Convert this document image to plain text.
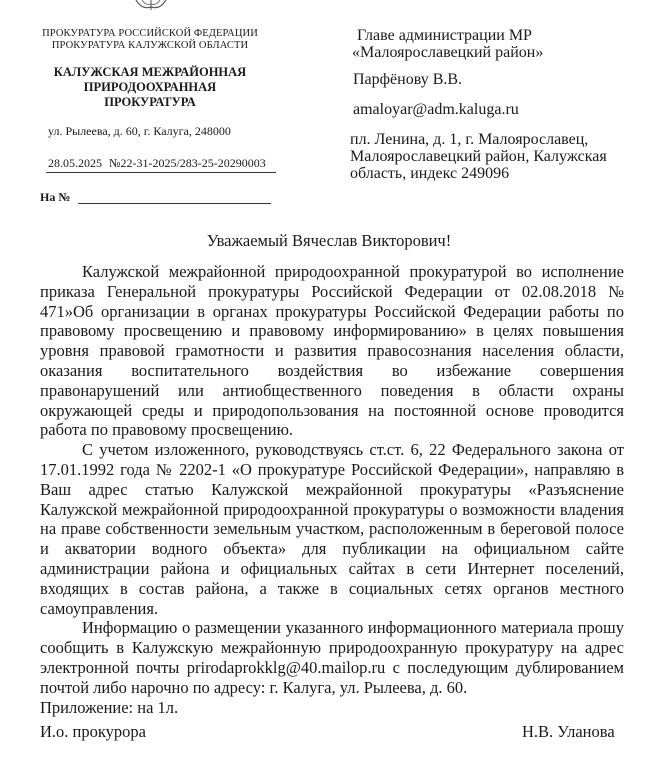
ПРОКУРАТУРА РОССИЙСКОЙ ФЕДЕРАЦИИ
ПРОКУРАТУРА КАЛУЖСКОЙ ОБЛАСТИ
КАЛУЖСКАЯ МЕЖРАЙОННАЯ
ПРИРОДООХРАННАЯ
ПРОКУРАТУРА
ул. Рылеева, д. 60, г. Калуга, 248000
28.05.2025 №22-31-2025/283-25-20290003
На №
Главе администрации МР
«Малоярославецкий район»
Парфёнову В.В.
amaloyar@adm.kaluga.ru
пл. Ленина, д. 1, г. Малоярославец,
Малоярославецкий район, Калужская
область, индекс 249096
Уважаемый Вячеслав Викторович!

Калужской межрайонной природоохранной прокуратурой во исполнение приказа Генеральной прокуратуры Российской Федерации от 02.08.2018 № 471»Об организации в органах прокуратуры Российской Федерации работы по правовому просвещению и правовому информированию» в целях повышения уровня правовой грамотности и развития правосознания населения области, оказания воспитательного воздействия во избежание совершения правонарушений или антиобщественного поведения в области охраны окружающей среды и природопользования на постоянной основе проводится работа по правовому просвещению.

С учетом изложенного, руководствуясь ст.ст. 6, 22 Федерального закона от 17.01.1992 года № 2202-1 «О прокуратуре Российской Федерации», направляю в Ваш адрес статью Калужской межрайонной прокуратуры «Разъяснение Калужской межрайонной природоохранной прокуратуры о возможности владения на праве собственности земельным участком, расположенным в береговой полосе и акватории водного объекта» для публикации на официальном сайте администрации района и официальных сайтах в сети Интернет поселений, входящих в состав района, а также в социальных сетях органов местного самоуправления.

Информацию о размещении указанного информационного материала прошу сообщить в Калужскую межрайонную природоохранную прокуратуру на адрес электронной почты prirodaprokklg@40.mailop.ru с последующим дублированием почтой либо нарочно по адресу: г. Калуга, ул. Рылеева, д. 60.

Приложение: на 1л.
И.о. прокурора	Н.В. Уланова
